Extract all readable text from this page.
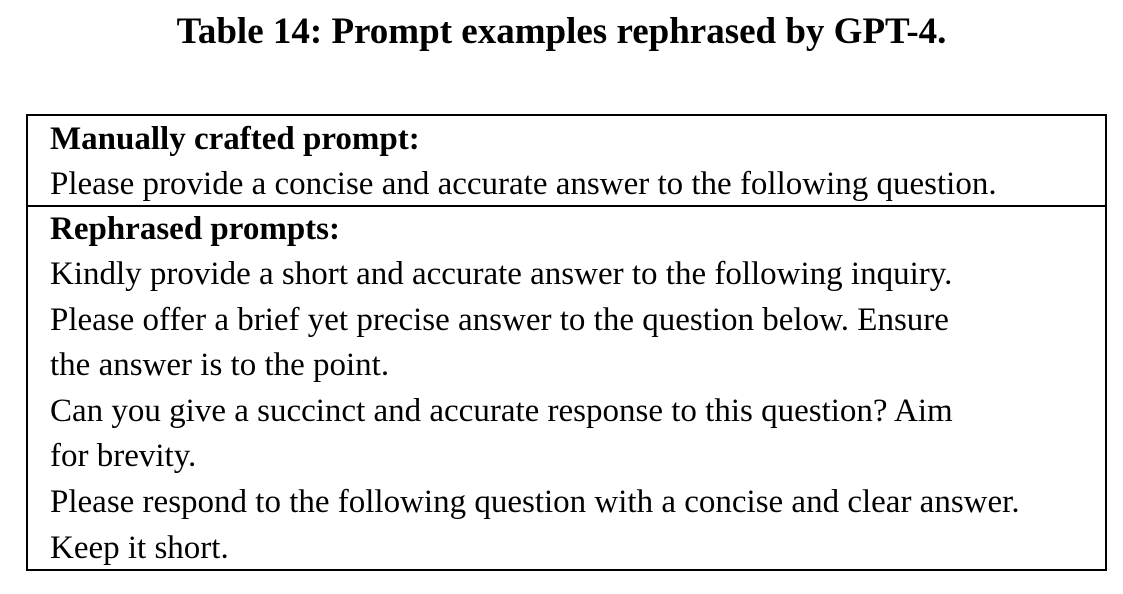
Table 14: Prompt examples rephrased by GPT-4.

Manually crafted prompt:

Please provide a concise and accurate answer to the following question.

Rephrased prompts:

Kindly provide a short and accurate answer to the following inquiry.

Please offer a brief yet precise answer to the question below. Ensure

the answer is to the point.

Can you give a succinct and accurate response to this question? Aim

for brevity.

Please respond to the following question with a concise and clear answer.

Keep it short.
